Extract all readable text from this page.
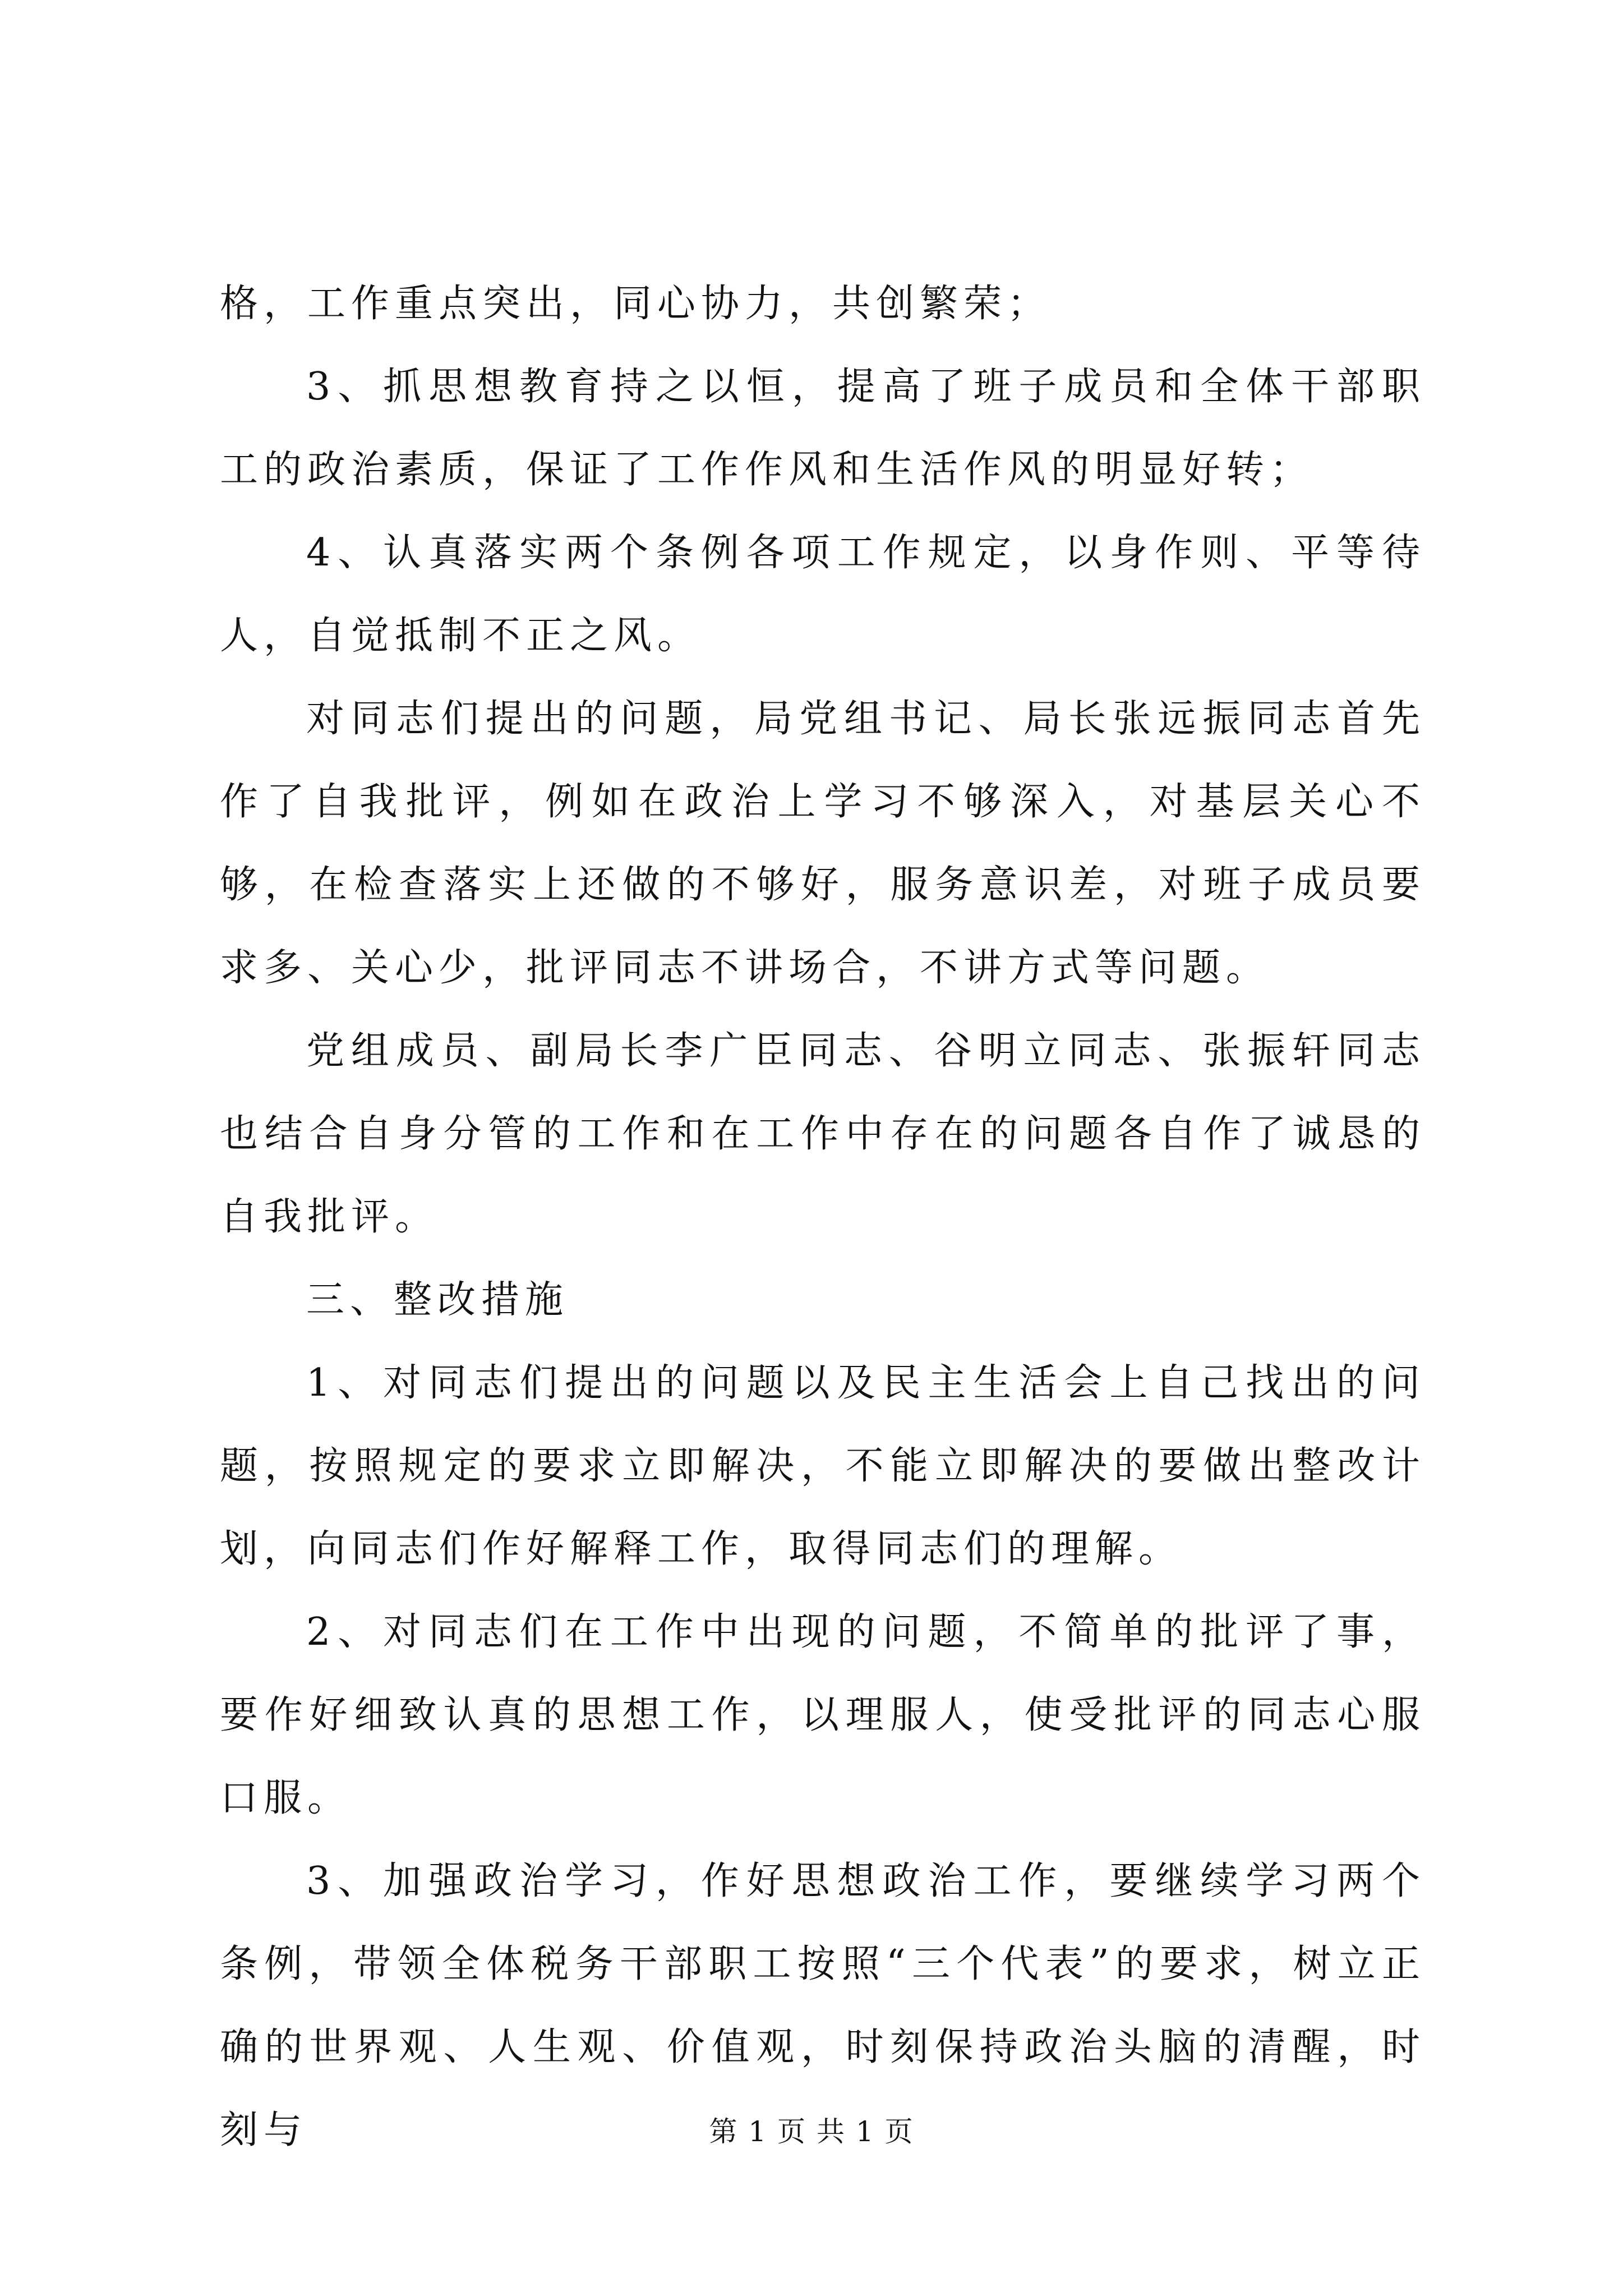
格，工作重点突出，同心协力，共创繁荣；

3、抓思想教育持之以恒，提高了班子成员和全体干部职工的政治素质，保证了工作作风和生活作风的明显好转；

4、认真落实两个条例各项工作规定，以身作则、平等待人，自觉抵制不正之风。

对同志们提出的问题，局党组书记、局长张远振同志首先作了自我批评，例如在政治上学习不够深入，对基层关心不够，在检查落实上还做的不够好，服务意识差，对班子成员要求多、关心少，批评同志不讲场合，不讲方式等问题。

党组成员、副局长李广臣同志、谷明立同志、张振轩同志也结合自身分管的工作和在工作中存在的问题各自作了诚恳的自我批评。

三、整改措施

1、对同志们提出的问题以及民主生活会上自己找出的问题，按照规定的要求立即解决，不能立即解决的要做出整改计划，向同志们作好解释工作，取得同志们的理解。

2、对同志们在工作中出现的问题，不简单的批评了事，要作好细致认真的思想工作，以理服人，使受批评的同志心服口服。

3、加强政治学习，作好思想政治工作，要继续学习两个条例，带领全体税务干部职工按照“三个代表”的要求，树立正确的世界观、人生观、价值观，时刻保持政治头脑的清醒，时刻与	第 1 页 共 1 页
